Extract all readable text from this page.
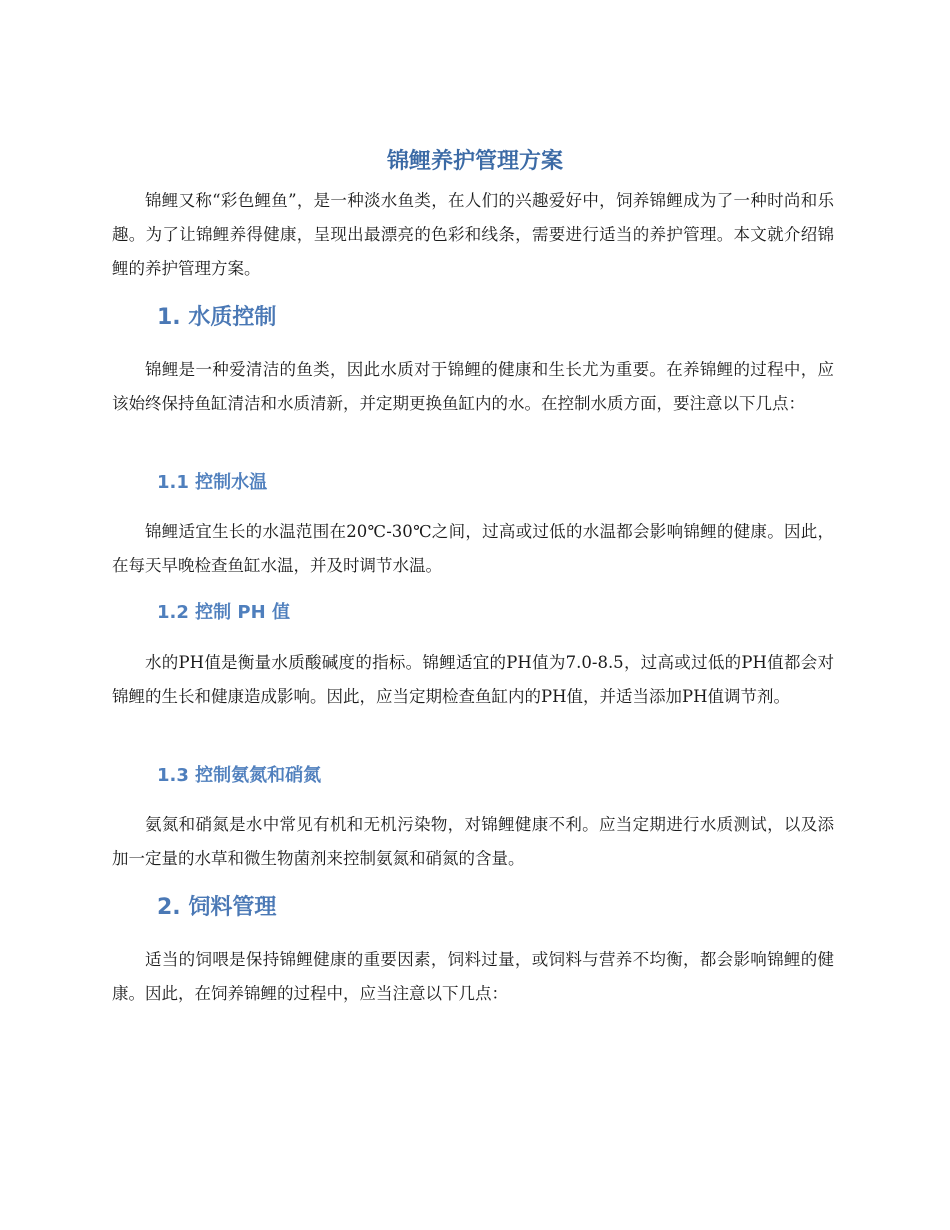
锦鲤养护管理方案

锦鲤又称“彩色鲤鱼”，是一种淡水鱼类，在人们的兴趣爱好中，饲养锦鲤成为了一种时尚和乐趣。为了让锦鲤养得健康，呈现出最漂亮的色彩和线条，需要进行适当的养护管理。本文就介绍锦鲤的养护管理方案。

1. 水质控制

锦鲤是一种爱清洁的鱼类，因此水质对于锦鲤的健康和生长尤为重要。在养锦鲤的过程中，应该始终保持鱼缸清洁和水质清新，并定期更换鱼缸内的水。在控制水质方面，要注意以下几点：

1.1 控制水温

锦鲤适宜生长的水温范围在20℃-30℃之间，过高或过低的水温都会影响锦鲤的健康。因此，在每天早晚检查鱼缸水温，并及时调节水温。

1.2 控制 PH 值

水的PH值是衡量水质酸碱度的指标。锦鲤适宜的PH值为7.0-8.5，过高或过低的PH值都会对锦鲤的生长和健康造成影响。因此，应当定期检查鱼缸内的PH值，并适当添加PH值调节剂。

1.3 控制氨氮和硝氮

氨氮和硝氮是水中常见有机和无机污染物，对锦鲤健康不利。应当定期进行水质测试，以及添加一定量的水草和微生物菌剂来控制氨氮和硝氮的含量。

2. 饲料管理

适当的饲喂是保持锦鲤健康的重要因素，饲料过量，或饲料与营养不均衡，都会影响锦鲤的健康。因此，在饲养锦鲤的过程中，应当注意以下几点：
